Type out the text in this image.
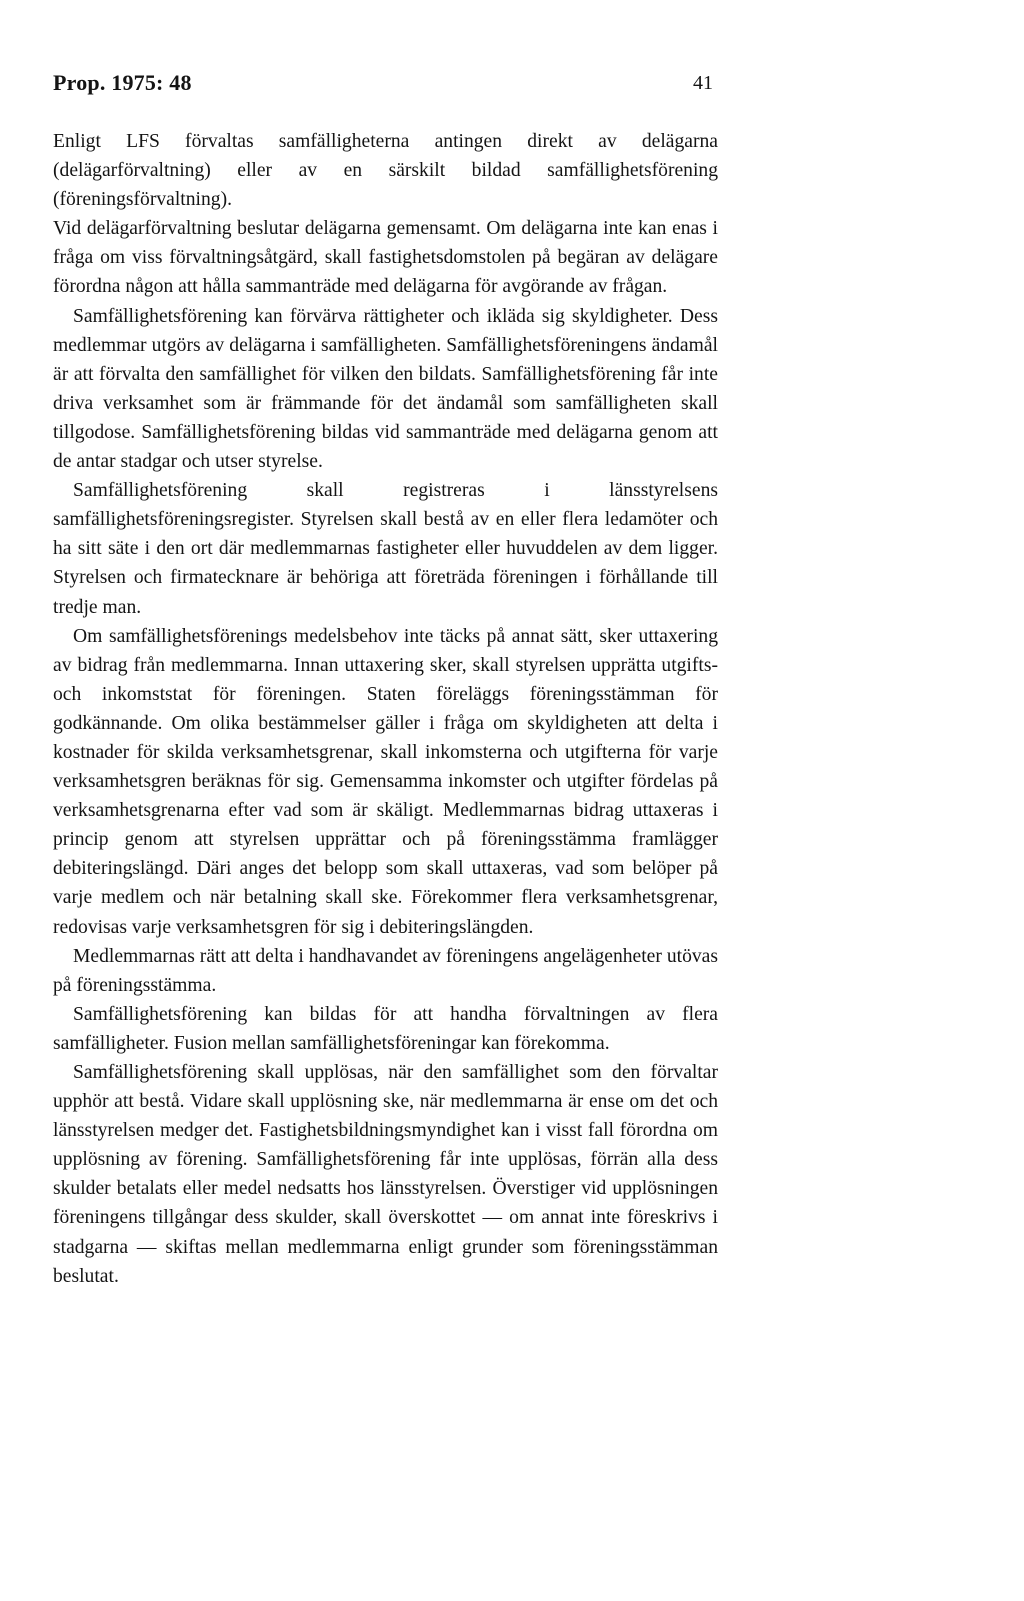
Prop. 1975: 48	41

Enligt LFS förvaltas samfälligheterna antingen direkt av delägarna (delägarförvaltning) eller av en särskilt bildad samfällighetsförening (föreningsförvaltning).

Vid delägarförvaltning beslutar delägarna gemensamt. Om delägarna inte kan enas i fråga om viss förvaltningsåtgärd, skall fastighetsdomstolen på begäran av delägare förordna någon att hålla sammanträde med delägarna för avgörande av frågan.

Samfällighetsförening kan förvärva rättigheter och ikläda sig skyldigheter. Dess medlemmar utgörs av delägarna i samfälligheten. Samfällighetsföreningens ändamål är att förvalta den samfällighet för vilken den bildats. Samfällighetsförening får inte driva verksamhet som är främmande för det ändamål som samfälligheten skall tillgodose. Samfällighetsförening bildas vid sammanträde med delägarna genom att de antar stadgar och utser styrelse.

Samfällighetsförening skall registreras i länsstyrelsens samfällighetsföreningsregister. Styrelsen skall bestå av en eller flera ledamöter och ha sitt säte i den ort där medlemmarnas fastigheter eller huvuddelen av dem ligger. Styrelsen och firmatecknare är behöriga att företräda föreningen i förhållande till tredje man.

Om samfällighetsförenings medelsbehov inte täcks på annat sätt, sker uttaxering av bidrag från medlemmarna. Innan uttaxering sker, skall styrelsen upprätta utgifts- och inkomststat för föreningen. Staten föreläggs föreningsstämman för godkännande. Om olika bestämmelser gäller i fråga om skyldigheten att delta i kostnader för skilda verksamhetsgrenar, skall inkomsterna och utgifterna för varje verksamhetsgren beräknas för sig. Gemensamma inkomster och utgifter fördelas på verksamhetsgrenarna efter vad som är skäligt. Medlemmarnas bidrag uttaxeras i princip genom att styrelsen upprättar och på föreningsstämma framlägger debiteringslängd. Däri anges det belopp som skall uttaxeras, vad som belöper på varje medlem och när betalning skall ske. Förekommer flera verksamhetsgrenar, redovisas varje verksamhetsgren för sig i debiteringslängden.

Medlemmarnas rätt att delta i handhavandet av föreningens angelägenheter utövas på föreningsstämma.

Samfällighetsförening kan bildas för att handha förvaltningen av flera samfälligheter. Fusion mellan samfällighetsföreningar kan förekomma.

Samfällighetsförening skall upplösas, när den samfällighet som den förvaltar upphör att bestå. Vidare skall upplösning ske, när medlemmarna är ense om det och länsstyrelsen medger det. Fastighetsbildningsmyndighet kan i visst fall förordna om upplösning av förening. Samfällighetsförening får inte upplösas, förrän alla dess skulder betalats eller medel nedsatts hos länsstyrelsen. Överstiger vid upplösningen föreningens tillgångar dess skulder, skall överskottet — om annat inte föreskrivs i stadgarna — skiftas mellan medlemmarna enligt grunder som föreningsstämman beslutat.
